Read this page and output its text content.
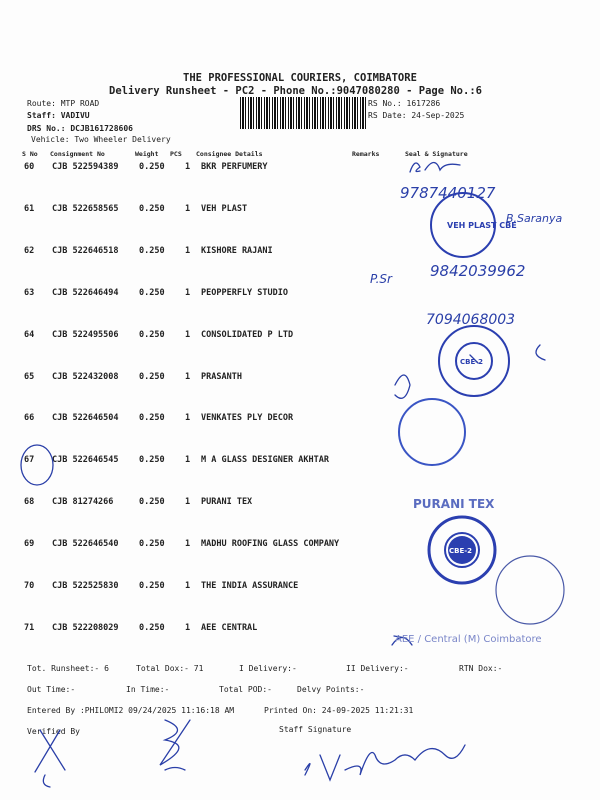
THE PROFESSIONAL COURIERS, COIMBATORE
Delivery Runsheet - PC2 - Phone No.:9047080280 - Page No.:6
Route: MTP ROAD
Staff: VADIVU
DRS No.: DCJB161728606
Vehicle: Two Wheeler Delivery
RS No.: 1617286
RS Date: 24-Sep-2025
S No Consignment No	Weight PCS Consignee Details	Remarks	Seal & Signature
60 CJB 522594389 0.250 1 BKR PERFUMERY
61 CJB 522658565 0.250 1 VEH PLAST
62 CJB 522646518 0.250 1 KISHORE RAJANI
63 CJB 522646494 0.250 1 PEOPPERFLY STUDIO
64 CJB 522495506 0.250 1 CONSOLIDATED P LTD
65 CJB 522432008 0.250 1 PRASANTH
66 CJB 522646504 0.250 1 VENKATES PLY DECOR
67 CJB 522646545 0.250 1 M A GLASS DESIGNER AKHTAR
68 CJB 81274266	0.250 1 PURANI TEX
69 CJB 522646540 0.250 1 MADHU ROOFING GLASS COMPANY
70 CJB 522525830 0.250 1 THE INDIA ASSURANCE
71 CJB 522208029 0.250 1 AEE CENTRAL
Tot. Runsheet:- 6	Total Dox:- 71	I Delivery:-	II Delivery:-	RTN Dox:-
Out Time:-	In Time:-	Total POD:-	Delvy Points:-
Entered By :PHILOMI2 09/24/2025 11:16:18 AM	Printed On: 24-09-2025 11:21:31
Verified By	Staff Signature
9787440127
B.Saranya
9842039962
7094068003
P.Sr
VEH PLAST CBE
CBE-2
PURANI TEX
CBE-2
AEE / Central (M) Coimbatore
